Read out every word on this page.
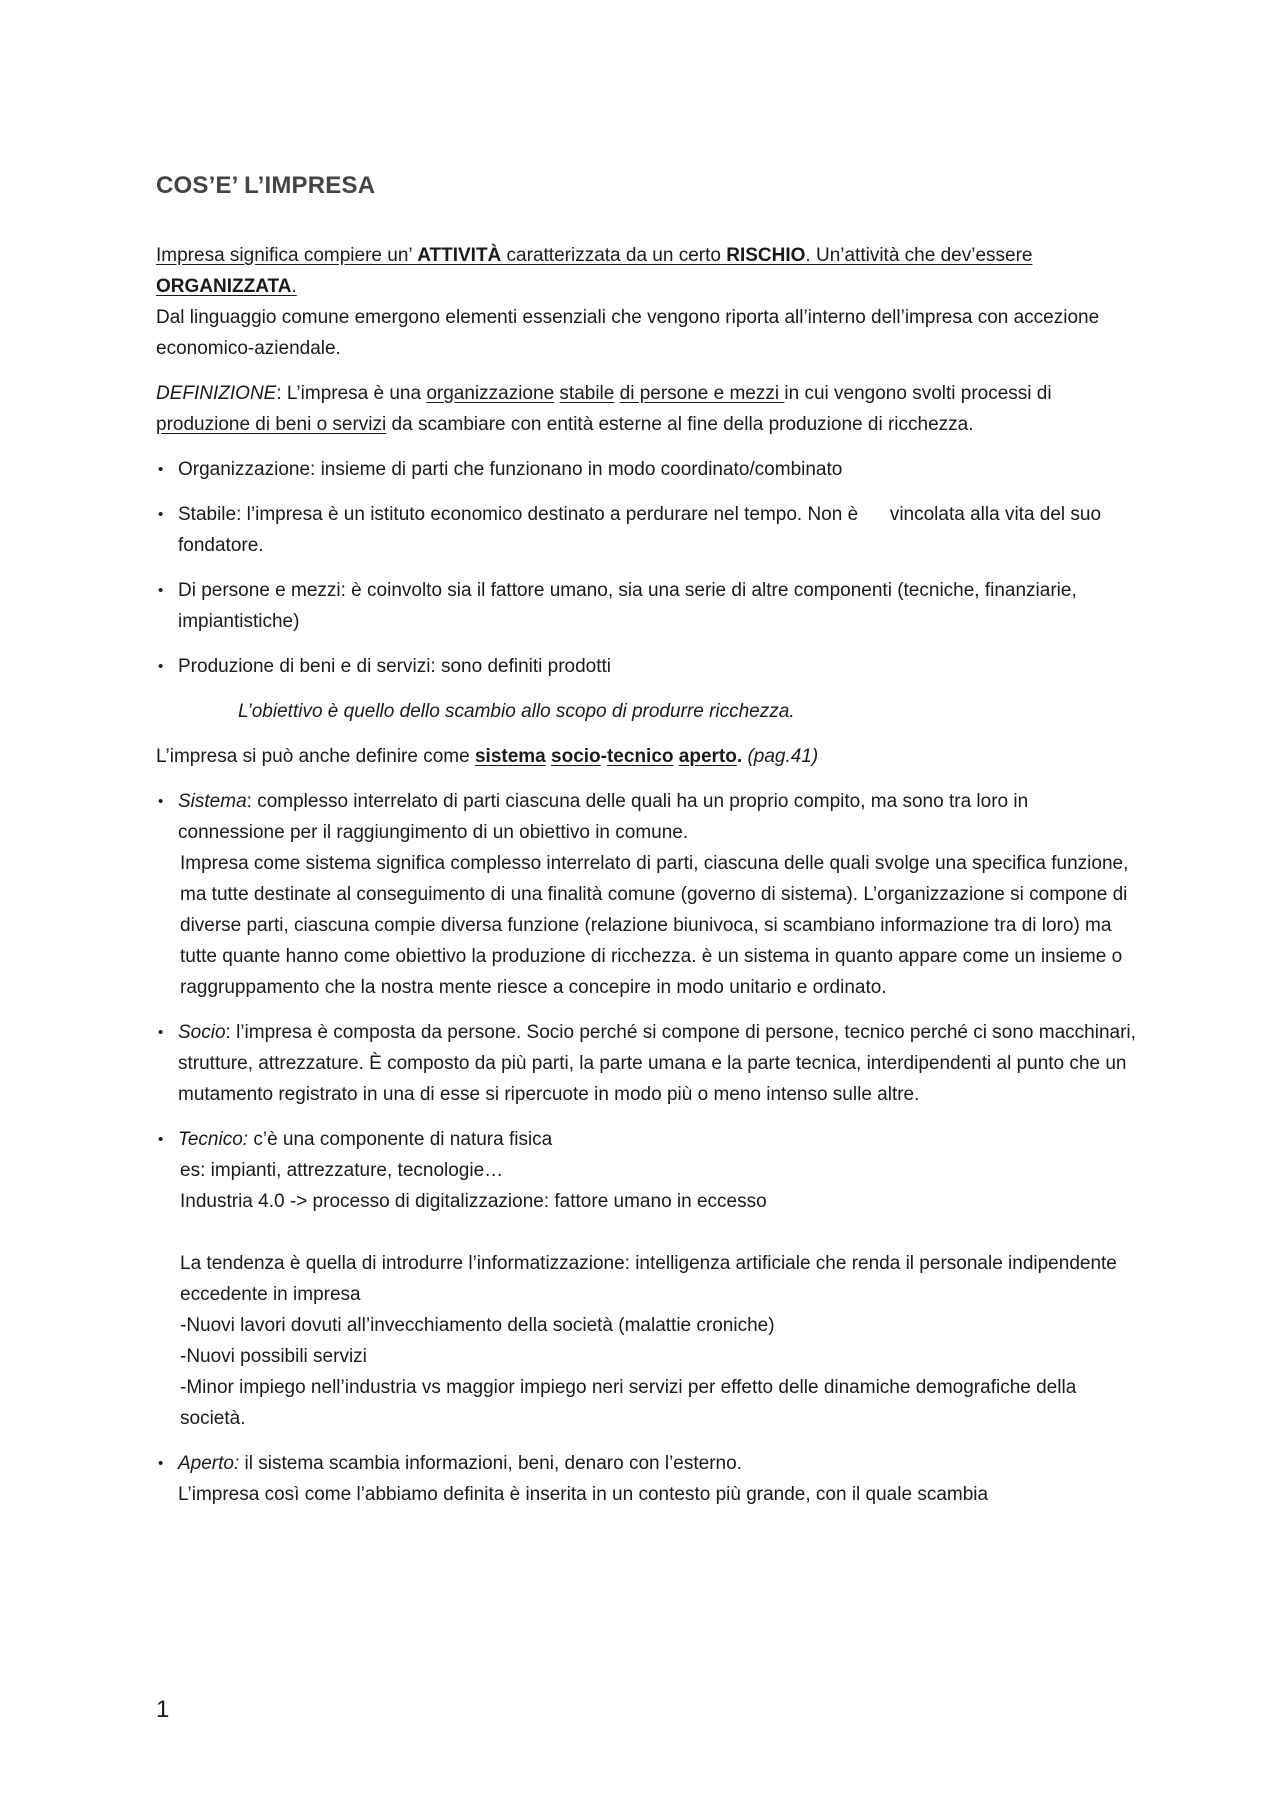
COS’E’ L’IMPRESA

Impresa significa compiere un’ ATTIVITÀ caratterizzata da un certo RISCHIO. Un’attività che dev’essere ORGANIZZATA.

Dal linguaggio comune emergono elementi essenziali che vengono riporta all’interno dell’impresa con accezione economico-aziendale.

DEFINIZIONE: L’impresa è una organizzazione stabile di persone e mezzi in cui vengono svolti processi di produzione di beni o servizi da scambiare con entità esterne al fine della produzione di ricchezza.

• Organizzazione: insieme di parti che funzionano in modo coordinato/combinato
• Stabile: l’impresa è un istituto economico destinato a perdurare nel tempo. Non è      vincolata alla vita del suo fondatore.
• Di persone e mezzi: è coinvolto sia il fattore umano, sia una serie di altre componenti (tecniche, finanziarie, impiantistiche)
• Produzione di beni e di servizi: sono definiti prodotti

L’obiettivo è quello dello scambio allo scopo di produrre ricchezza.

L’impresa si può anche definire come sistema socio-tecnico aperto. (pag.41)

• Sistema: complesso interrelato di parti ciascuna delle quali ha un proprio compito, ma sono tra loro in connessione per il raggiungimento di un obiettivo in comune.
Impresa come sistema significa complesso interrelato di parti, ciascuna delle quali svolge una specifica funzione, ma tutte destinate al conseguimento di una finalità comune (governo di sistema). L’organizzazione si compone di diverse parti, ciascuna compie diversa funzione (relazione biunivoca, si scambiano informazione tra di loro) ma tutte quante hanno come obiettivo la produzione di ricchezza. è un sistema in quanto appare come un insieme o raggruppamento che la nostra mente riesce a concepire in modo unitario e ordinato.
• Socio: l’impresa è composta da persone. Socio perché si compone di persone, tecnico perché ci sono macchinari, strutture, attrezzature. È composto da più parti, la parte umana e la parte tecnica, interdipendenti al punto che un mutamento registrato in una di esse si ripercuote in modo più o meno intenso sulle altre.
• Tecnico: c’è una componente di natura fisica
es: impianti, attrezzature, tecnologie…
Industria 4.0 -> processo di digitalizzazione: fattore umano in eccesso
La tendenza è quella di introdurre l’informatizzazione: intelligenza artificiale che renda il personale indipendente eccedente in impresa
-Nuovi lavori dovuti all’invecchiamento della società (malattie croniche)
-Nuovi possibili servizi
-Minor impiego nell’industria vs maggior impiego neri servizi per effetto delle dinamiche demografiche della società.
• Aperto: il sistema scambia informazioni, beni, denaro con l’esterno.
L’impresa così come l’abbiamo definita è inserita in un contesto più grande, con il quale scambia
1
